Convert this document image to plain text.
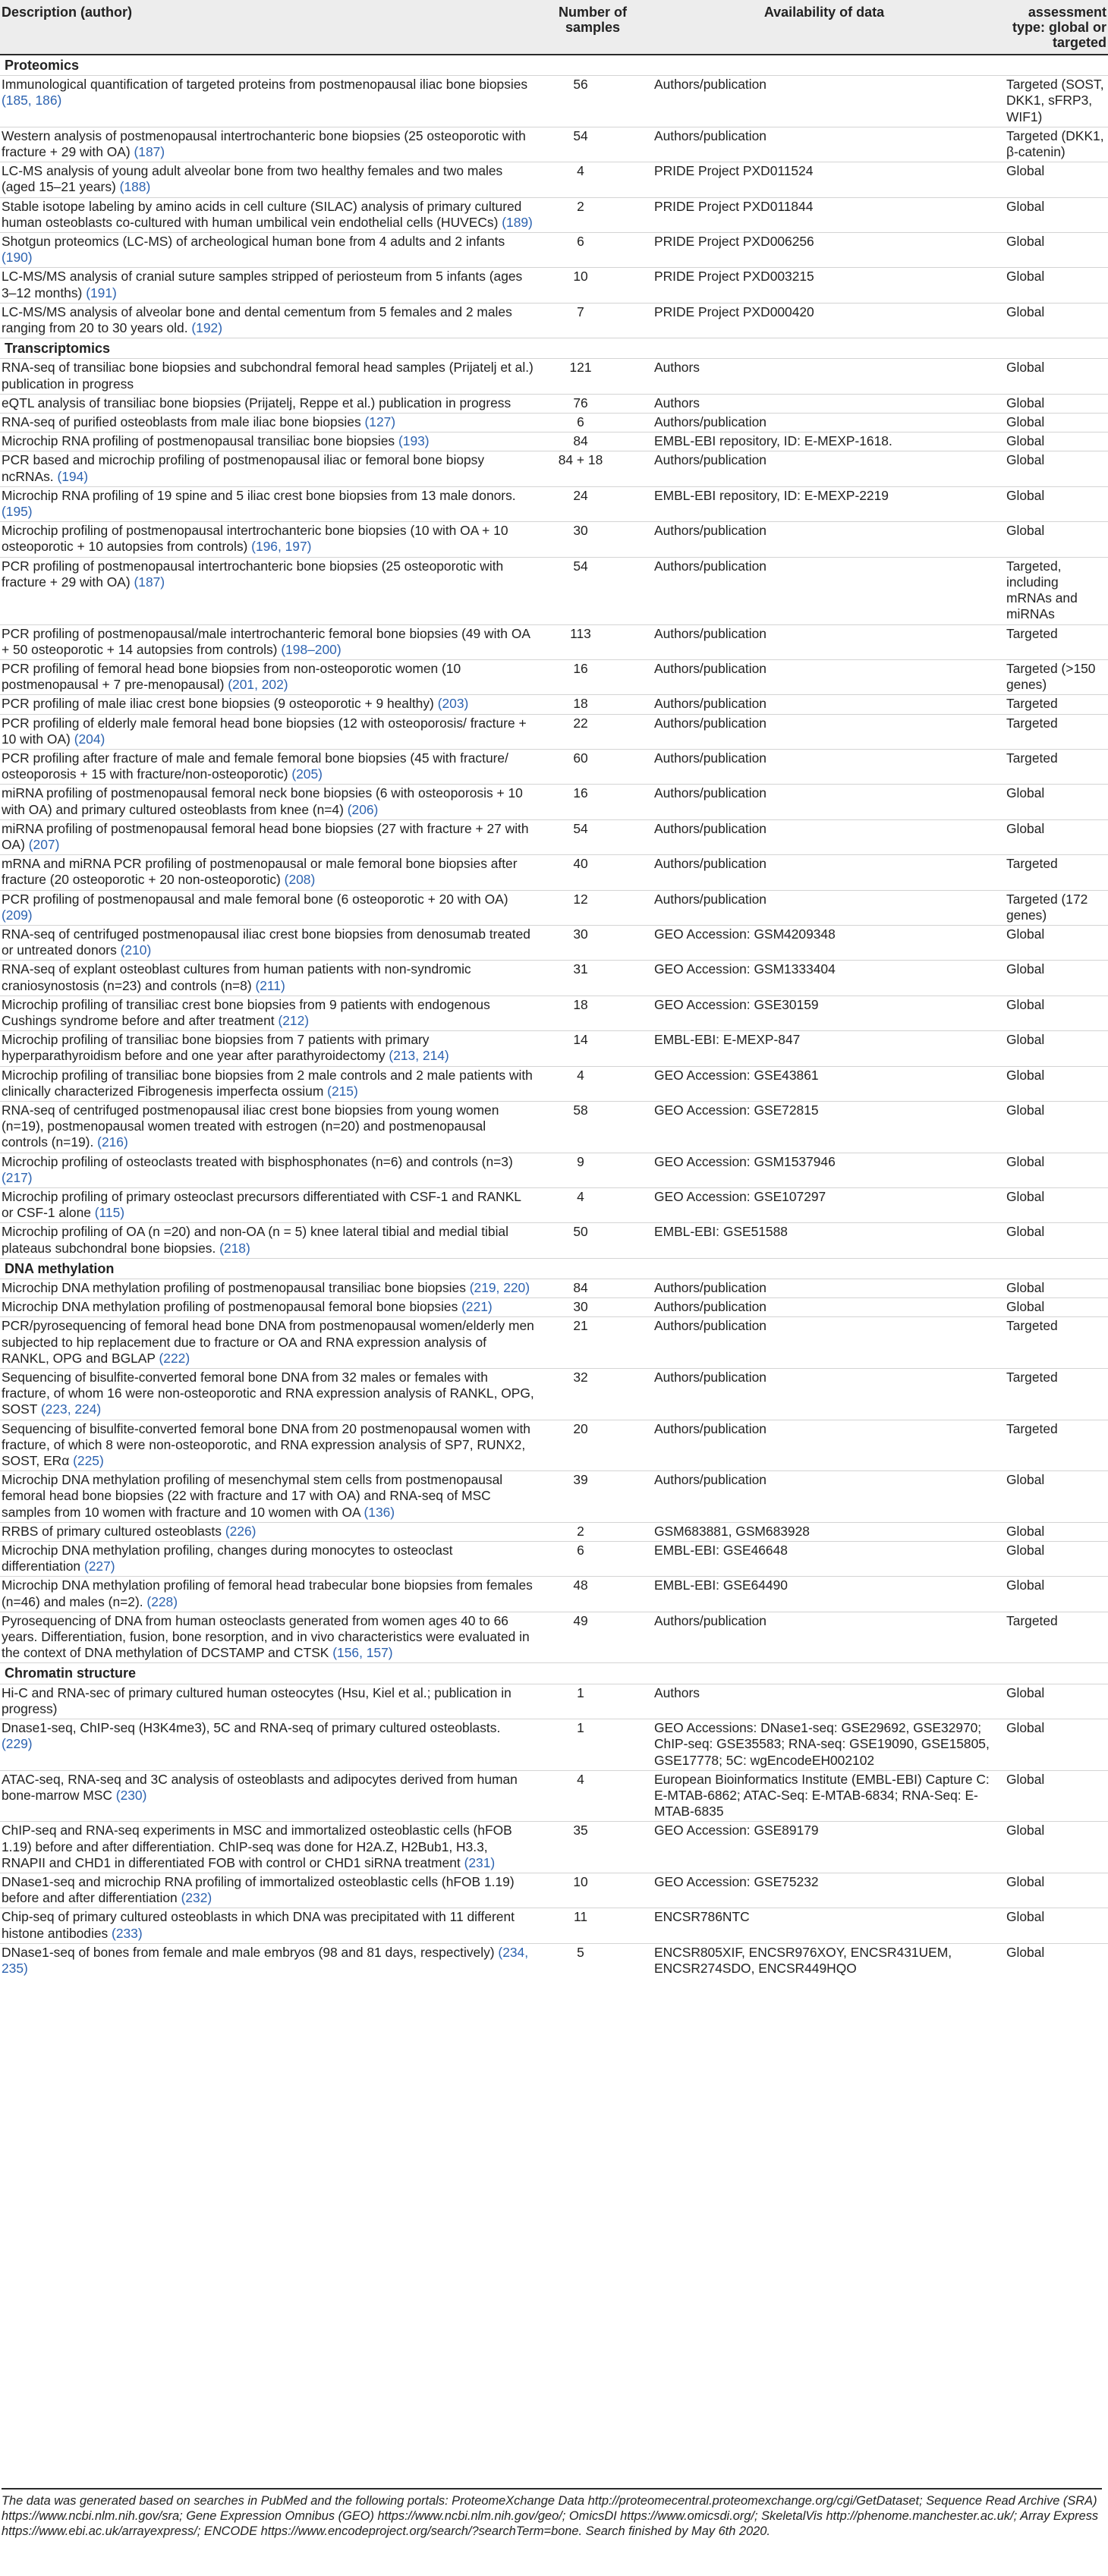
Description (author)	Number of samples	Availability of data	assessment type: global or targeted
Proteomics			
Immunological quantification of targeted proteins from postmenopausal iliac bone biopsies (185, 186)	56	Authors/publication	Targeted (SOST, DKK1, sFRP3, WIF1)
Western analysis of postmenopausal intertrochanteric bone biopsies (25 osteoporotic with fracture + 29 with OA) (187)	54	Authors/publication	Targeted (DKK1, β-catenin)
LC-MS analysis of young adult alveolar bone from two healthy females and two males (aged 15–21 years) (188)	4	PRIDE Project PXD011524	Global
Stable isotope labeling by amino acids in cell culture (SILAC) analysis of primary cultured human osteoblasts co-cultured with human umbilical vein endothelial cells (HUVECs) (189)	2	PRIDE Project PXD011844	Global
Shotgun proteomics (LC-MS) of archeological human bone from 4 adults and 2 infants (190)	6	PRIDE Project PXD006256	Global
LC-MS/MS analysis of cranial suture samples stripped of periosteum from 5 infants (ages 3–12 months) (191)	10	PRIDE Project PXD003215	Global
LC-MS/MS analysis of alveolar bone and dental cementum from 5 females and 2 males ranging from 20 to 30 years old. (192)	7	PRIDE Project PXD000420	Global
Transcriptomics			
RNA-seq of transiliac bone biopsies and subchondral femoral head samples (Prijatelj et al.) publication in progress	121	Authors	Global
eQTL analysis of transiliac bone biopsies (Prijatelj, Reppe et al.) publication in progress	76	Authors	Global
RNA-seq of purified osteoblasts from male iliac bone biopsies (127)	6	Authors/publication	Global
Microchip RNA profiling of postmenopausal transiliac bone biopsies (193)	84	EMBL-EBI repository, ID: E-MEXP-1618.	Global
PCR based and microchip profiling of postmenopausal iliac or femoral bone biopsy ncRNAs. (194)	84 + 18	Authors/publication	Global
Microchip RNA profiling of 19 spine and 5 iliac crest bone biopsies from 13 male donors. (195)	24	EMBL-EBI repository, ID: E-MEXP-2219	Global
Microchip profiling of postmenopausal intertrochanteric bone biopsies (10 with OA + 10 osteoporotic + 10 autopsies from controls) (196, 197)	30	Authors/publication	Global
PCR profiling of postmenopausal intertrochanteric bone biopsies (25 osteoporotic with fracture + 29 with OA) (187)	54	Authors/publication	Targeted, including mRNAs and miRNAs
PCR profiling of postmenopausal/male intertrochanteric femoral bone biopsies (49 with OA + 50 osteoporotic + 14 autopsies from controls) (198–200)	113	Authors/publication	Targeted
PCR profiling of femoral head bone biopsies from non-osteoporotic women (10 postmenopausal + 7 pre-menopausal) (201, 202)	16	Authors/publication	Targeted (>150 genes)
PCR profiling of male iliac crest bone biopsies (9 osteoporotic + 9 healthy) (203)	18	Authors/publication	Targeted
PCR profiling of elderly male femoral head bone biopsies (12 with osteoporosis/ fracture + 10 with OA) (204)	22	Authors/publication	Targeted
PCR profiling after fracture of male and female femoral bone biopsies (45 with fracture/ osteoporosis + 15 with fracture/non-osteoporotic) (205)	60	Authors/publication	Targeted
miRNA profiling of postmenopausal femoral neck bone biopsies (6 with osteoporosis + 10 with OA) and primary cultured osteoblasts from knee (n=4) (206)	16	Authors/publication	Global
miRNA profiling of postmenopausal femoral head bone biopsies (27 with fracture + 27 with OA) (207)	54	Authors/publication	Global
mRNA and miRNA PCR profiling of postmenopausal or male femoral bone biopsies after fracture (20 osteoporotic + 20 non-osteoporotic) (208)	40	Authors/publication	Targeted
PCR profiling of postmenopausal and male femoral bone (6 osteoporotic + 20 with OA) (209)	12	Authors/publication	Targeted (172 genes)
RNA-seq of centrifuged postmenopausal iliac crest bone biopsies from denosumab treated or untreated donors (210)	30	GEO Accession: GSM4209348	Global
RNA-seq of explant osteoblast cultures from human patients with non-syndromic craniosynostosis (n=23) and controls (n=8) (211)	31	GEO Accession: GSM1333404	Global
Microchip profiling of transiliac crest bone biopsies from 9 patients with endogenous Cushings syndrome before and after treatment (212)	18	GEO Accession: GSE30159	Global
Microchip profiling of transiliac bone biopsies from 7 patients with primary hyperparathyroidism before and one year after parathyroidectomy (213, 214)	14	EMBL-EBI: E-MEXP-847	Global
Microchip profiling of transiliac bone biopsies from 2 male controls and 2 male patients with clinically characterized Fibrogenesis imperfecta ossium (215)	4	GEO Accession: GSE43861	Global
RNA-seq of centrifuged postmenopausal iliac crest bone biopsies from young women (n=19), postmenopausal women treated with estrogen (n=20) and postmenopausal controls (n=19). (216)	58	GEO Accession: GSE72815	Global
Microchip profiling of osteoclasts treated with bisphosphonates (n=6) and controls (n=3) (217)	9	GEO Accession: GSM1537946	Global
Microchip profiling of primary osteoclast precursors differentiated with CSF-1 and RANKL or CSF-1 alone (115)	4	GEO Accession: GSE107297	Global
Microchip profiling of OA (n =20) and non-OA (n = 5) knee lateral tibial and medial tibial plateaus subchondral bone biopsies. (218)	50	EMBL-EBI: GSE51588	Global
DNA methylation			
Microchip DNA methylation profiling of postmenopausal transiliac bone biopsies (219, 220)	84	Authors/publication	Global
Microchip DNA methylation profiling of postmenopausal femoral bone biopsies (221)	30	Authors/publication	Global
PCR/pyrosequencing of femoral head bone DNA from postmenopausal women/elderly men subjected to hip replacement due to fracture or OA and RNA expression analysis of RANKL, OPG and BGLAP (222)	21	Authors/publication	Targeted
Sequencing of bisulfite-converted femoral bone DNA from 32 males or females with fracture, of whom 16 were non-osteoporotic and RNA expression analysis of RANKL, OPG, SOST (223, 224)	32	Authors/publication	Targeted
Sequencing of bisulfite-converted femoral bone DNA from 20 postmenopausal women with fracture, of which 8 were non-osteoporotic, and RNA expression analysis of SP7, RUNX2, SOST, ERα (225)	20	Authors/publication	Targeted
Microchip DNA methylation profiling of mesenchymal stem cells from postmenopausal femoral head bone biopsies (22 with fracture and 17 with OA) and RNA-seq of MSC samples from 10 women with fracture and 10 women with OA (136)	39	Authors/publication	Global
RRBS of primary cultured osteoblasts (226)	2	GSM683881, GSM683928	Global
Microchip DNA methylation profiling, changes during monocytes to osteoclast differentiation (227)	6	EMBL-EBI: GSE46648	Global
Microchip DNA methylation profiling of femoral head trabecular bone biopsies from females (n=46) and males (n=2). (228)	48	EMBL-EBI: GSE64490	Global
Pyrosequencing of DNA from human osteoclasts generated from women ages 40 to 66 years. Differentiation, fusion, bone resorption, and in vivo characteristics were evaluated in the context of DNA methylation of DCSTAMP and CTSK (156, 157)	49	Authors/publication	Targeted
Chromatin structure			
Hi-C and RNA-sec of primary cultured human osteocytes (Hsu, Kiel et al.; publication in progress)	1	Authors	Global
Dnase1-seq, ChIP-seq (H3K4me3), 5C and RNA-seq of primary cultured osteoblasts. (229)	1	GEO Accessions: DNase1-seq: GSE29692, GSE32970; ChIP-seq: GSE35583; RNA-seq: GSE19090, GSE15805, GSE17778; 5C: wgEncodeEH002102	Global
ATAC-seq, RNA-seq and 3C analysis of osteoblasts and adipocytes derived from human bone-marrow MSC (230)	4	European Bioinformatics Institute (EMBL-EBI) Capture C: E-MTAB-6862; ATAC-Seq: E-MTAB-6834; RNA-Seq: E-MTAB-6835	Global
ChIP-seq and RNA-seq experiments in MSC and immortalized osteoblastic cells (hFOB 1.19) before and after differentiation. ChIP-seq was done for H2A.Z, H2Bub1, H3.3, RNAPII and CHD1 in differentiated FOB with control or CHD1 siRNA treatment (231)	35	GEO Accession: GSE89179	Global
DNase1-seq and microchip RNA profiling of immortalized osteoblastic cells (hFOB 1.19) before and after differentiation (232)	10	GEO Accession: GSE75232	Global
Chip-seq of primary cultured osteoblasts in which DNA was precipitated with 11 different histone antibodies (233)	11	ENCSR786NTC	Global
DNase1-seq of bones from female and male embryos (98 and 81 days, respectively) (234, 235)	5	ENCSR805XIF, ENCSR976XOY, ENCSR431UEM, ENCSR274SDO, ENCSR449HQO	Global
The data was generated based on searches in PubMed and the following portals: ProteomeXchange Data http://proteomecentral.proteomexchange.org/cgi/GetDataset; Sequence Read Archive (SRA) https://www.ncbi.nlm.nih.gov/sra; Gene Expression Omnibus (GEO) https://www.ncbi.nlm.nih.gov/geo/; OmicsDI https://www.omicsdi.org/; SkeletalVis http://phenome.manchester.ac.uk/; Array Express https://www.ebi.ac.uk/arrayexpress/; ENCODE https://www.encodeproject.org/search/?searchTerm=bone. Search finished by May 6th 2020.
